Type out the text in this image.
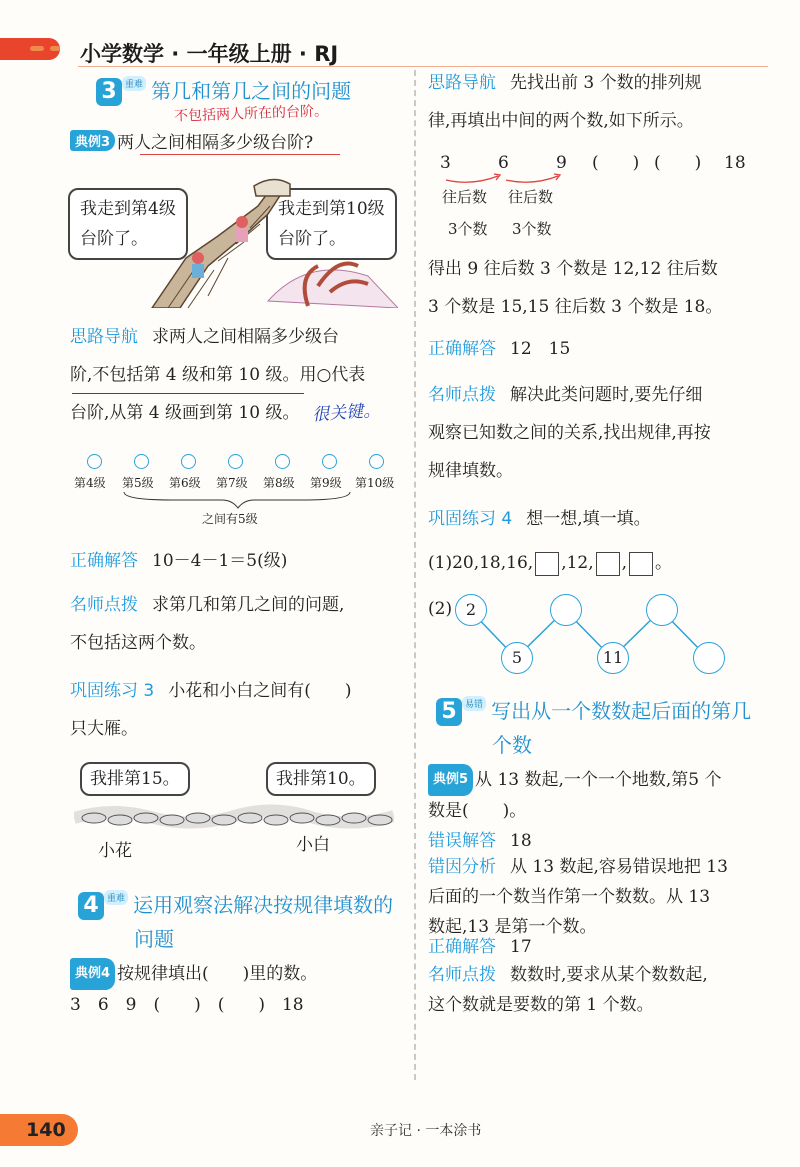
小学数学 · 一年级上册 · RJ
3 重难 第几和第几之间的问题
不包括两人所在的台阶。
典例3 两人之间相隔多少级台阶?
我走到第4级
台阶了。
我走到第10级
台阶了。
思路导航 求两人之间相隔多少级台
阶,不包括第 4 级和第 10 级。用○代表
台阶,从第 4 级画到第 10 级。 很关键。
第4级 第5级 第6级 第7级 第8级 第9级 第10级
之间有5级
正确解答 10－4－1＝5(级)
名师点拨 求第几和第几之间的问题,
不包括这两个数。
巩固练习 3 小花和小白之间有(　　)
只大雁。
我排第15。	我排第10。
小花	小白
4 重难 运用观察法解决按规律填数的
问题
典例4 按规律填出(　　)里的数。
3　6　9　(　　)　(　　)　18
思路导航 先找出前 3 个数的排列规
律,再填出中间的两个数,如下所示。
3	6	9 (　　) (　　) 18
往后数 往后数
3个数 3个数
得出 9 往后数 3 个数是 12,12 往后数
3 个数是 15,15 往后数 3 个数是 18。
正确解答 12　15
名师点拨 解决此类问题时,要先仔细
观察已知数之间的关系,找出规律,再按
规律填数。
巩固练习 4 想一想,填一填。
(1)20,18,16, ,12, , 。
(2) 2
5	11
5 易错 写出从一个数数起后面的第几
个数
典例5 从 13 数起,一个一个地数,第5 个
数是(　　)。
错误解答 18
错因分析 从 13 数起,容易错误地把 13
后面的一个数当作第一个数数。从 13
数起,13 是第一个数。
正确解答 17
名师点拨 数数时,要求从某个数数起,
这个数就是要数的第 1 个数。
140	亲子记 · 一本涂书
